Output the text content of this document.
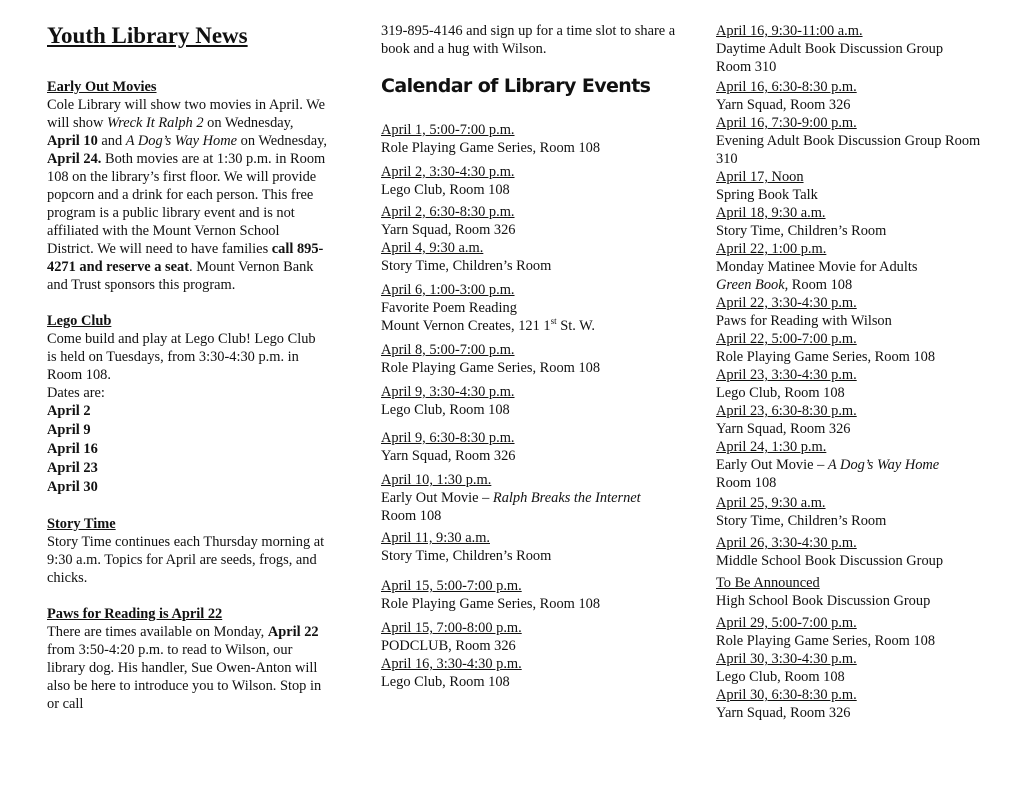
Youth Library News
Early Out Movies

Cole Library will show two movies in April. We will show Wreck It Ralph 2 on Wednesday, April 10 and A Dog’s Way Home on Wednesday, April 24. Both movies are at 1:30 p.m. in Room 108 on the library’s first floor. We will provide popcorn and a drink for each person. This free program is a public library event and is not affiliated with the Mount Vernon School District. We will need to have families call 895-4271 and reserve a seat. Mount Vernon Bank and Trust sponsors this program.

Lego Club

Come build and play at Lego Club! Lego Club is held on Tuesdays, from 3:30-4:30 p.m. in Room 108.

Dates are:

April 2
April 9
April 16
April 23
April 30
Story Time

Story Time continues each Thursday morning at 9:30 a.m. Topics for April are seeds, frogs, and chicks.

Paws for Reading is April 22

There are times available on Monday, April 22 from 3:50-4:20 p.m. to read to Wilson, our library dog. His handler, Sue Owen-Anton will also be here to introduce you to Wilson. Stop in or call

319-895-4146 and sign up for a time slot to share a book and a hug with Wilson.

Calendar of Library Events
April 1, 5:00-7:00 p.m.
Role Playing Game Series, Room 108
April 2, 3:30-4:30 p.m.
Lego Club, Room 108
April 2, 6:30-8:30 p.m.
Yarn Squad, Room 326
April 4, 9:30 a.m.
Story Time, Children’s Room
April 6, 1:00-3:00 p.m.
Favorite Poem Reading
Mount Vernon Creates, 121 1st St. W.
April 8, 5:00-7:00 p.m.
Role Playing Game Series, Room 108
April 9, 3:30-4:30 p.m.
Lego Club, Room 108
April 9, 6:30-8:30 p.m.
Yarn Squad, Room 326
April 10, 1:30 p.m.
Early Out Movie – Ralph Breaks the Internet
Room 108
April 11, 9:30 a.m.
Story Time, Children’s Room
April 15, 5:00-7:00 p.m.
Role Playing Game Series, Room 108
April 15, 7:00-8:00 p.m.
PODCLUB, Room 326
April 16, 3:30-4:30 p.m.
Lego Club, Room 108
April 16, 9:30-11:00 a.m.
Daytime Adult Book Discussion Group
Room 310
April 16, 6:30-8:30 p.m.
Yarn Squad, Room 326
April 16, 7:30-9:00 p.m.
Evening Adult Book Discussion Group Room 310
April 17, Noon
Spring Book Talk
April 18, 9:30 a.m.
Story Time, Children’s Room
April 22, 1:00 p.m.
Monday Matinee Movie for Adults
Green Book, Room 108
April 22, 3:30-4:30 p.m.
Paws for Reading with Wilson
April 22, 5:00-7:00 p.m.
Role Playing Game Series, Room 108
April 23, 3:30-4:30 p.m.
Lego Club, Room 108
April 23, 6:30-8:30 p.m.
Yarn Squad, Room 326
April 24, 1:30 p.m.
Early Out Movie – A Dog’s Way Home
Room 108
April 25, 9:30 a.m.
Story Time, Children’s Room
April 26, 3:30-4:30 p.m.
Middle School Book Discussion Group
To Be Announced
High School Book Discussion Group
April 29, 5:00-7:00 p.m.
Role Playing Game Series, Room 108
April 30, 3:30-4:30 p.m.
Lego Club, Room 108
April 30, 6:30-8:30 p.m.
Yarn Squad, Room 326
